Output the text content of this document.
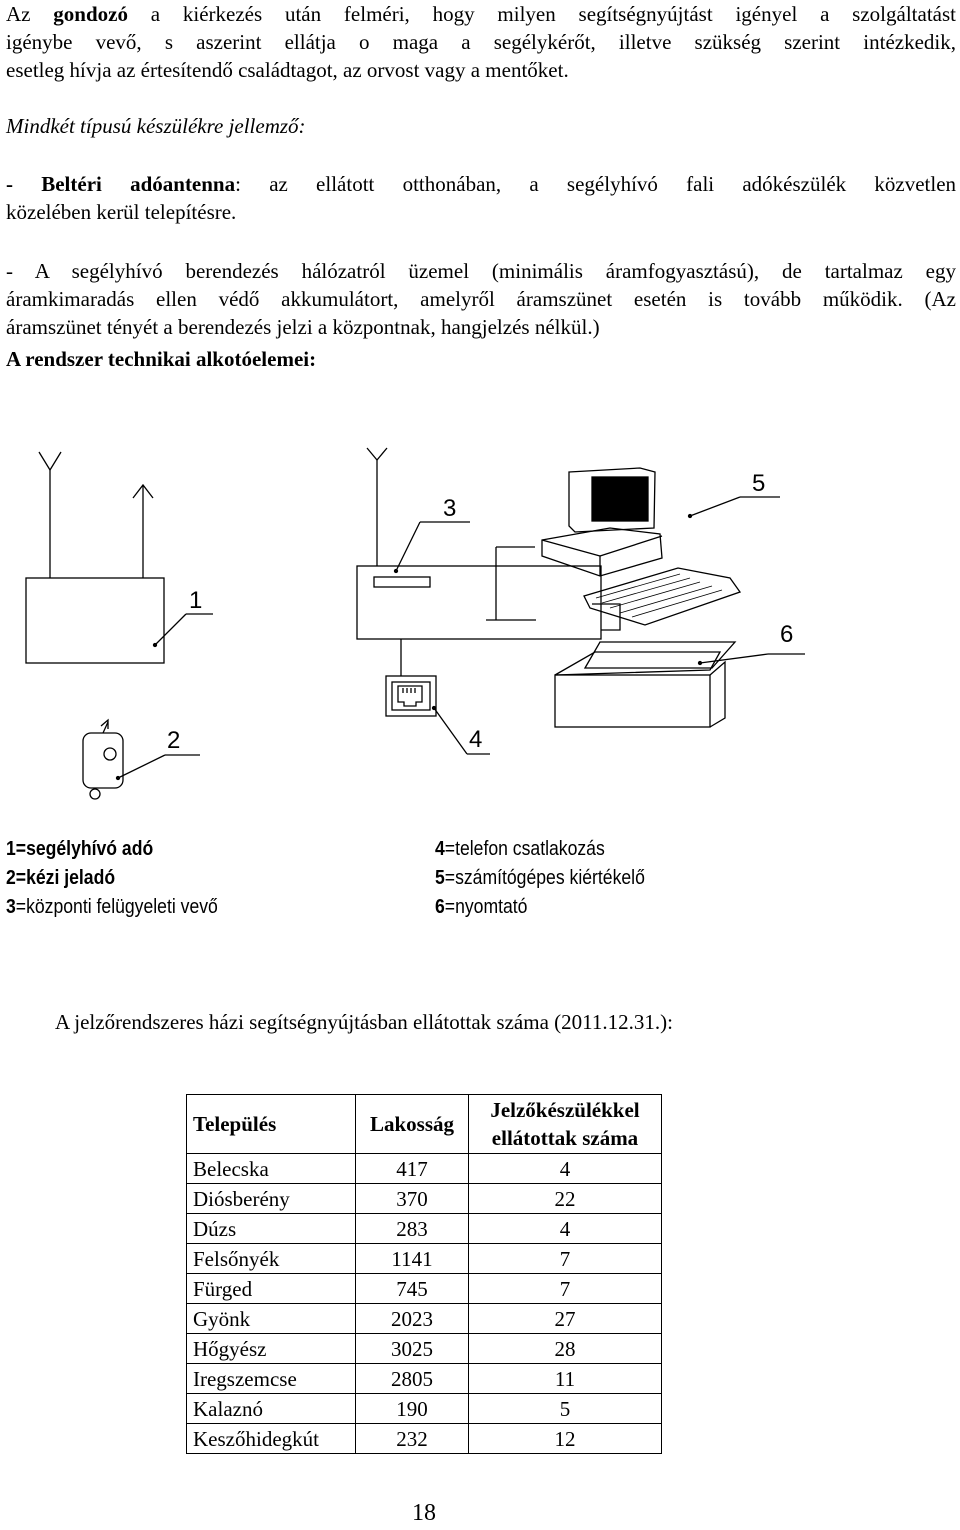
Az gondozó a kiérkezés után felméri, hogy milyen segítségnyújtást igényel a szolgáltatást
igénybe vevő, s aszerint ellátja o maga a segélykérőt, illetve szükség szerint intézkedik,
esetleg hívja az értesítendő családtagot, az orvost vagy a mentőket.
Mindkét típusú készülékre jellemző:
- Beltéri adóantenna: az ellátott otthonában, a segélyhívó fali adókészülék közvetlen
közelében kerül telepítésre.
- A segélyhívó berendezés hálózatról üzemel (minimális áramfogyasztású), de tartalmaz egy
áramkimaradás ellen védő akkumulátort, amelyről áramszünet esetén is tovább működik. (Az
áramszünet tényét a berendezés jelzi a központnak, hangjelzés nélkül.)
A rendszer technikai alkotóelemei:
1
2
3
4
5
6
1=segélyhívó adó
2=kézi jeladó
3=központi felügyeleti vevő
4=telefon csatlakozás
5=számítógépes kiértékelő
6=nyomtató
A jelzőrendszeres házi segítségnyújtásban ellátottak száma (2011.12.31.):
Település	Lakosság	Jelzőkészülékkel
ellátottak száma
Belecska	417	4
Diósberény	370	22
Dúzs	283	4
Felsőnyék	1141	7
Fürged	745	7
Gyönk	2023	27
Hőgyész	3025	28
Iregszemcse	2805	11
Kalaznó	190	5
Keszőhidegkút	232	12
18
